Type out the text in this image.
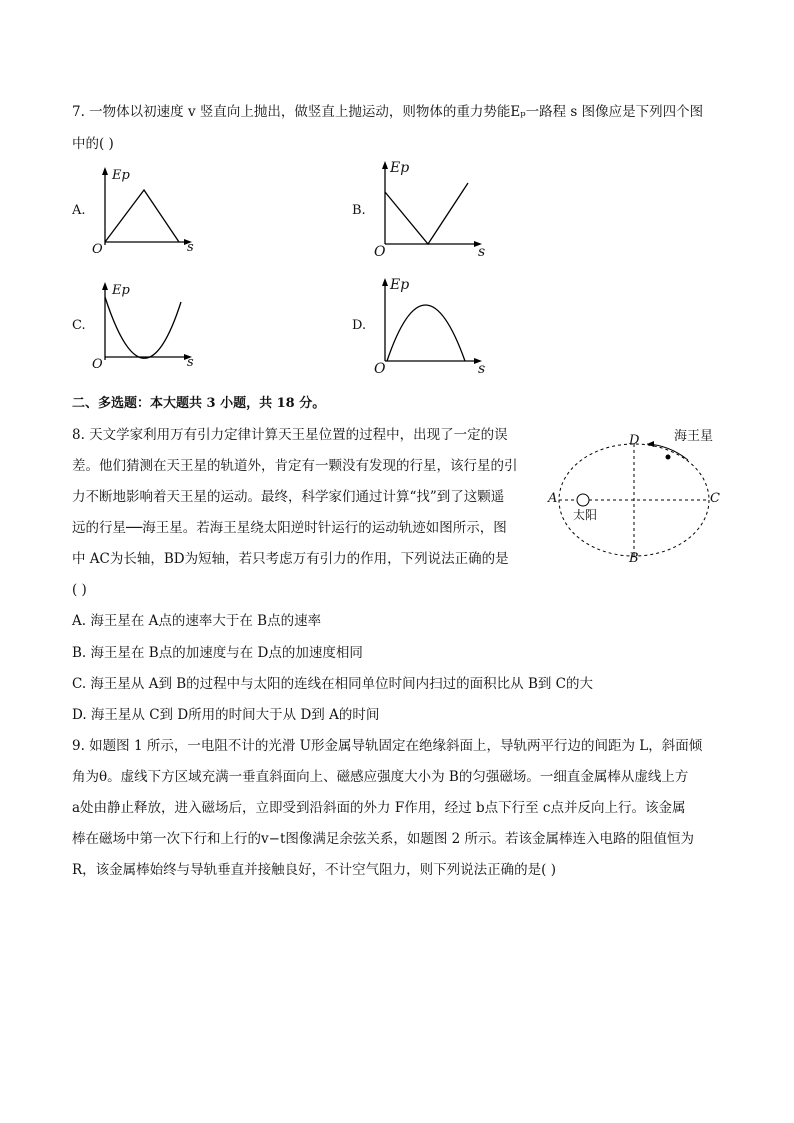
7. 一物体以初速度 v 竖直向上抛出，做竖直上抛运动，则物体的重力势能Eₚ一路程 s 图像应是下列四个图
中的( )
A.
Ep
O	s
B.
Ep
O	s
C.
Ep
O	s
D.
Ep
O	s
二、多选题：本大题共 3 小题，共 18 分。
8. 天文学家利用万有引力定律计算天王星位置的过程中，出现了一定的误
差。他们猜测在天王星的轨道外，肯定有一颗没有发现的行星，该行星的引
力不断地影响着天王星的运动。最终，科学家们通过计算“找”到了这颗遥
远的行星──海王星。若海王星绕太阳逆时针运行的运动轨迹如图所示，图
中 AC为长轴，BD为短轴，若只考虑万有引力的作用，下列说法正确的是
( )
A. 海王星在 A点的速率大于在 B点的速率
B. 海王星在 B点的加速度与在 D点的加速度相同
C. 海王星从 A到 B的过程中与太阳的连线在相同单位时间内扫过的面积比从 B到 C的大
D. 海王星从 C到 D所用的时间大于从 D到 A的时间
A
B
C
D
太阳
海王星
9. 如题图 1 所示，一电阻不计的光滑 U形金属导轨固定在绝缘斜面上，导轨两平行边的间距为 L，斜面倾
角为θ。虚线下方区域充满一垂直斜面向上、磁感应强度大小为 B的匀强磁场。一细直金属棒从虚线上方
a处由静止释放，进入磁场后，立即受到沿斜面的外力 F作用，经过 b点下行至 c点并反向上行。该金属
棒在磁场中第一次下行和上行的v−t图像满足余弦关系，如题图 2 所示。若该金属棒连入电路的阻值恒为
R，该金属棒始终与导轨垂直并接触良好，不计空气阻力，则下列说法正确的是( )
